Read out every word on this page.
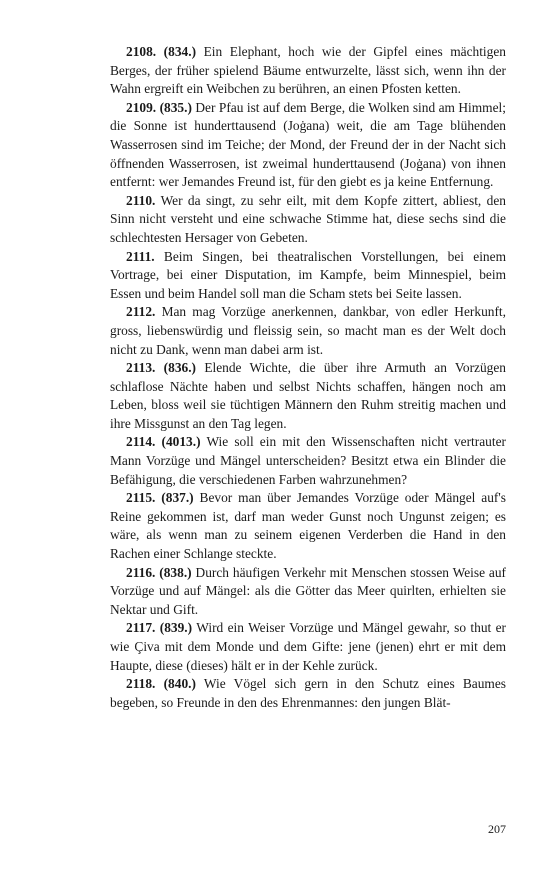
2108. (834.) Ein Elephant, hoch wie der Gipfel eines mächtigen Berges, der früher spielend Bäume entwurzelte, lässt sich, wenn ihn der Wahn ergreift ein Weibchen zu berühren, an einen Pfosten ketten.

2109. (835.) Der Pfau ist auf dem Berge, die Wolken sind am Himmel; die Sonne ist hunderttausend (Joġana) weit, die am Tage blühenden Wasserrosen sind im Teiche; der Mond, der Freund der in der Nacht sich öffnenden Wasserrosen, ist zweimal hunderttausend (Joġana) von ihnen entfernt: wer Jemandes Freund ist, für den giebt es ja keine Entfernung.

2110. Wer da singt, zu sehr eilt, mit dem Kopfe zittert, abliest, den Sinn nicht versteht und eine schwache Stimme hat, diese sechs sind die schlechtesten Hersager von Gebeten.

2111. Beim Singen, bei theatralischen Vorstellungen, bei einem Vortrage, bei einer Disputation, im Kampfe, beim Minnespiel, beim Essen und beim Handel soll man die Scham stets bei Seite lassen.

2112. Man mag Vorzüge anerkennen, dankbar, von edler Herkunft, gross, liebenswürdig und fleissig sein, so macht man es der Welt doch nicht zu Dank, wenn man dabei arm ist.

2113. (836.) Elende Wichte, die über ihre Armuth an Vorzügen schlaflose Nächte haben und selbst Nichts schaffen, hängen noch am Leben, bloss weil sie tüchtigen Männern den Ruhm streitig machen und ihre Missgunst an den Tag legen.

2114. (4013.) Wie soll ein mit den Wissenschaften nicht vertrauter Mann Vorzüge und Mängel unterscheiden? Besitzt etwa ein Blinder die Befähigung, die verschiedenen Farben wahrzunehmen?

2115. (837.) Bevor man über Jemandes Vorzüge oder Mängel auf's Reine gekommen ist, darf man weder Gunst noch Ungunst zeigen; es wäre, als wenn man zu seinem eigenen Verderben die Hand in den Rachen einer Schlange steckte.

2116. (838.) Durch häufigen Verkehr mit Menschen stossen Weise auf Vorzüge und auf Mängel: als die Götter das Meer quirlten, erhielten sie Nektar und Gift.

2117. (839.) Wird ein Weiser Vorzüge und Mängel gewahr, so thut er wie Çiva mit dem Monde und dem Gifte: jene (jenen) ehrt er mit dem Haupte, diese (dieses) hält er in der Kehle zurück.

2118. (840.) Wie Vögel sich gern in den Schutz eines Baumes begeben, so Freunde in den des Ehrenmannes: den jungen Blät-

207
